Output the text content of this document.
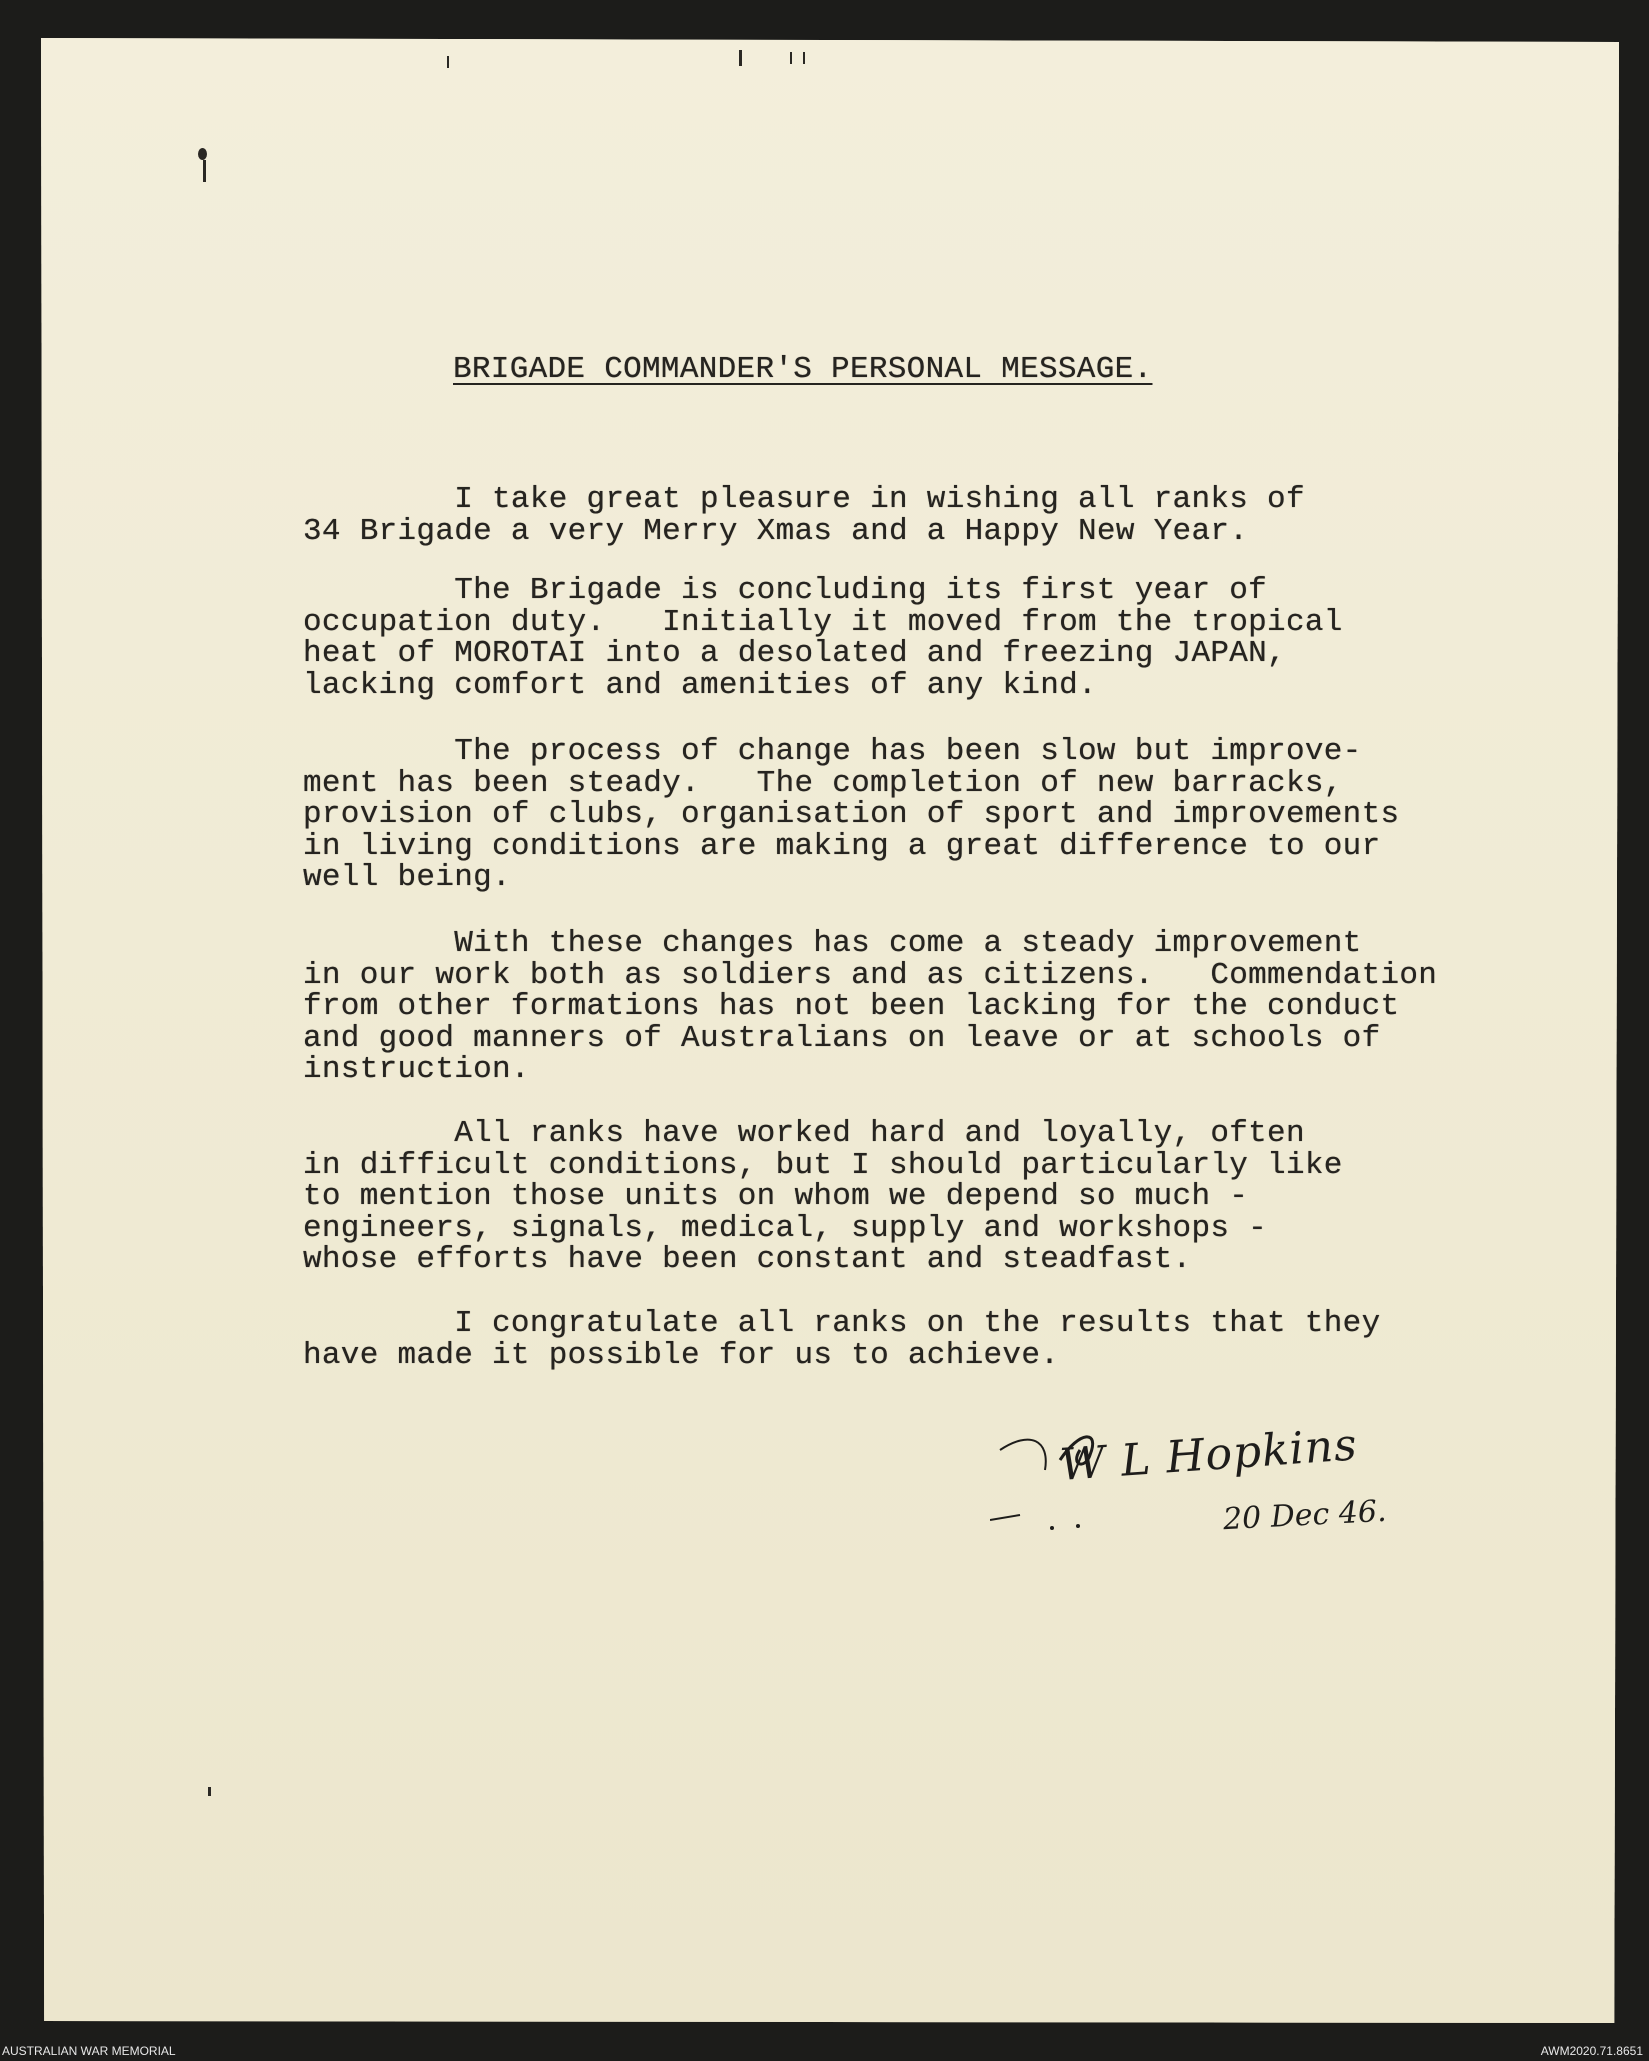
BRIGADE COMMANDER'S PERSONAL MESSAGE.

I take great pleasure in wishing all ranks of
34 Brigade a very Merry Xmas and a Happy New Year.

The Brigade is concluding its first year of
occupation duty.   Initially it moved from the tropical
heat of MOROTAI into a desolated and freezing JAPAN,
lacking comfort and amenities of any kind.

The process of change has been slow but improve-
ment has been steady.   The completion of new barracks,
provision of clubs, organisation of sport and improvements
in living conditions are making a great difference to our
well being.

With these changes has come a steady improvement
in our work both as soldiers and as citizens.   Commendation
from other formations has not been lacking for the conduct
and good manners of Australians on leave or at schools of
instruction.

All ranks have worked hard and loyally, often
in difficult conditions, but I should particularly like
to mention those units on whom we depend so much -
engineers, signals, medical, supply and workshops -
whose efforts have been constant and steadfast.

I congratulate all ranks on the results that they
have made it possible for us to achieve.

W L Hopkins
20 Dec 46.
AUSTRALIAN WAR MEMORIAL	AWM2020.71.8651
